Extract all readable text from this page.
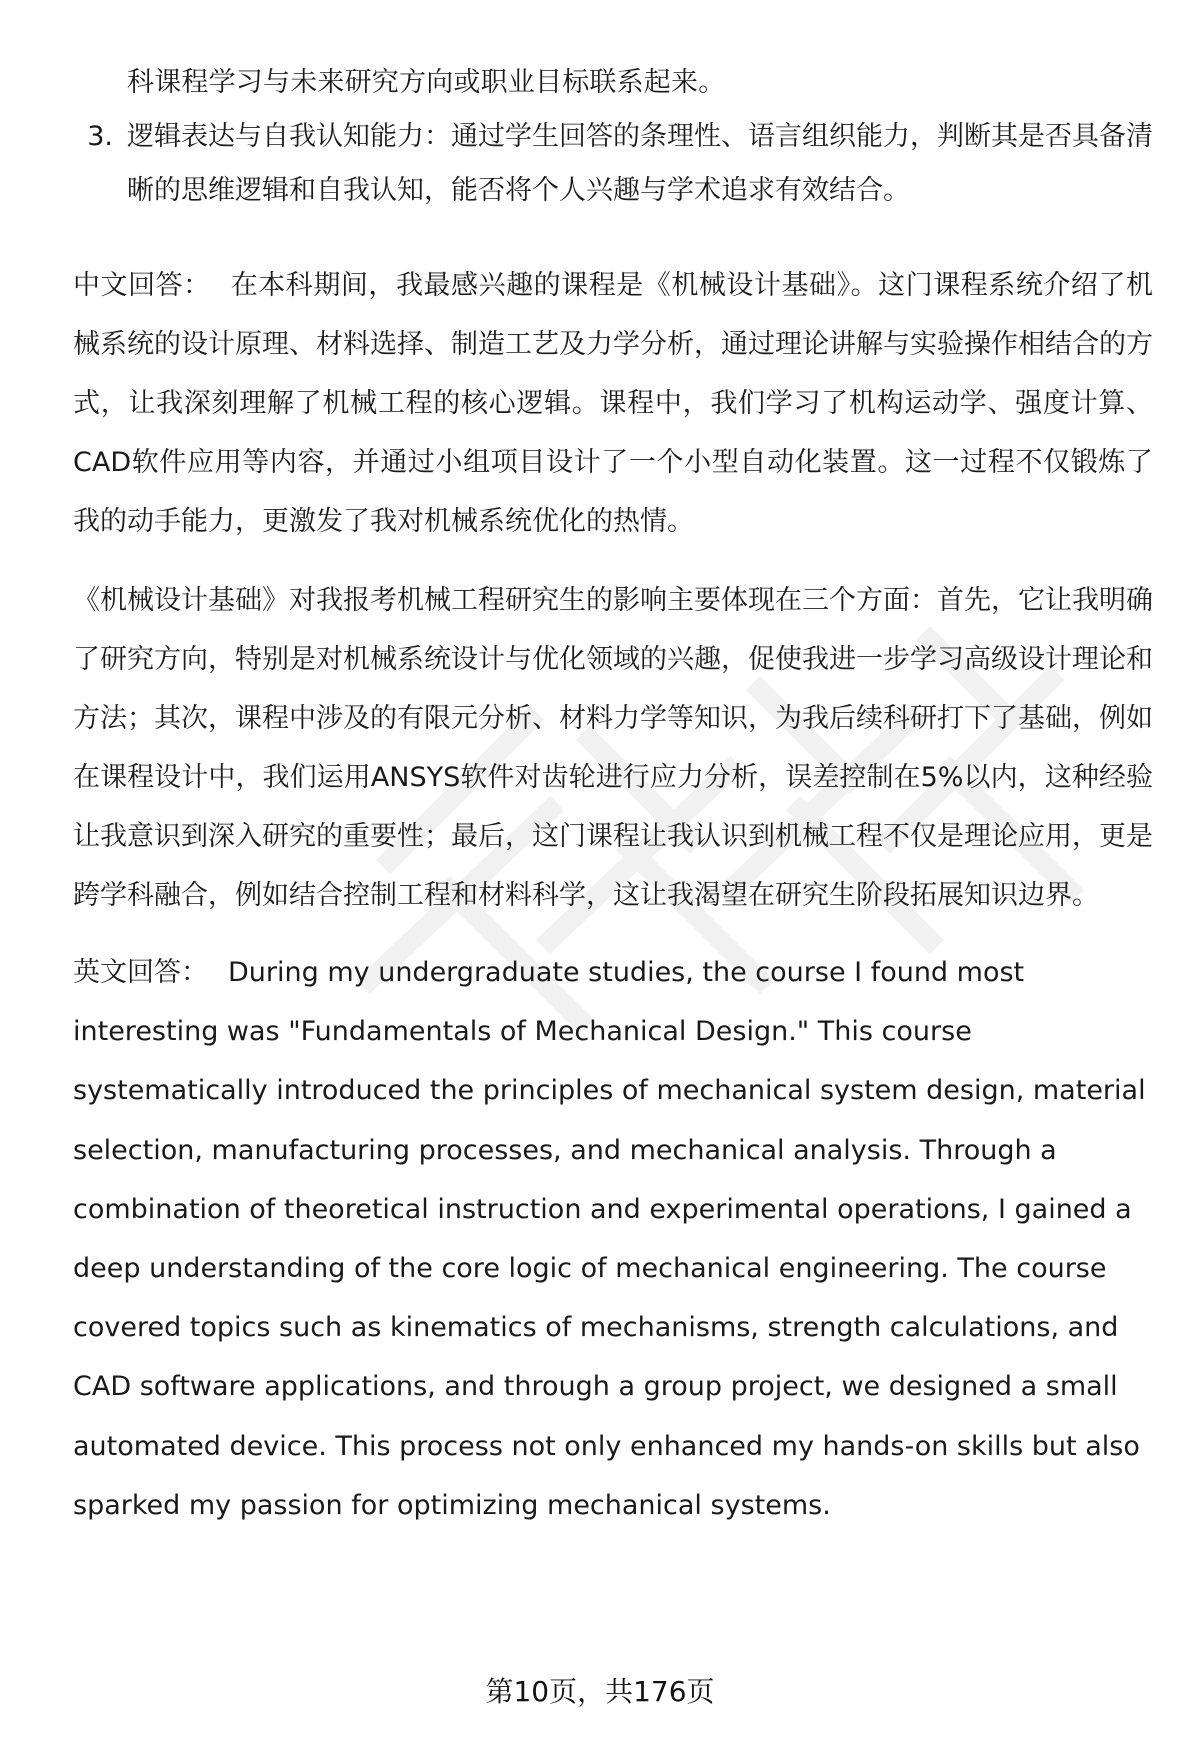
科课程学习与未来研究方向或职业目标联系起来。

3. 逻辑表达与自我认知能力：通过学生回答的条理性、语言组织能力，判断其是否具备清晰的思维逻辑和自我认知，能否将个人兴趣与学术追求有效结合。

中文回答： 在本科期间，我最感兴趣的课程是《机械设计基础》。这门课程系统介绍了机械系统的设计原理、材料选择、制造工艺及力学分析，通过理论讲解与实验操作相结合的方式，让我深刻理解了机械工程的核心逻辑。课程中，我们学习了机构运动学、强度计算、CAD软件应用等内容，并通过小组项目设计了一个小型自动化装置。这一过程不仅锻炼了我的动手能力，更激发了我对机械系统优化的热情。

《机械设计基础》对我报考机械工程研究生的影响主要体现在三个方面：首先，它让我明确了研究方向，特别是对机械系统设计与优化领域的兴趣，促使我进一步学习高级设计理论和方法；其次，课程中涉及的有限元分析、材料力学等知识，为我后续科研打下了基础，例如在课程设计中，我们运用ANSYS软件对齿轮进行应力分析，误差控制在5%以内，这种经验让我意识到深入研究的重要性；最后，这门课程让我认识到机械工程不仅是理论应用，更是跨学科融合，例如结合控制工程和材料科学，这让我渴望在研究生阶段拓展知识边界。

英文回答： During my undergraduate studies, the course I found most interesting was "Fundamentals of Mechanical Design." This course systematically introduced the principles of mechanical system design, material selection, manufacturing processes, and mechanical analysis. Through a combination of theoretical instruction and experimental operations, I gained a deep understanding of the core logic of mechanical engineering. The course covered topics such as kinematics of mechanisms, strength calculations, and CAD software applications, and through a group project, we designed a small automated device. This process not only enhanced my hands-on skills but also sparked my passion for optimizing mechanical systems.

第10页，共176页
